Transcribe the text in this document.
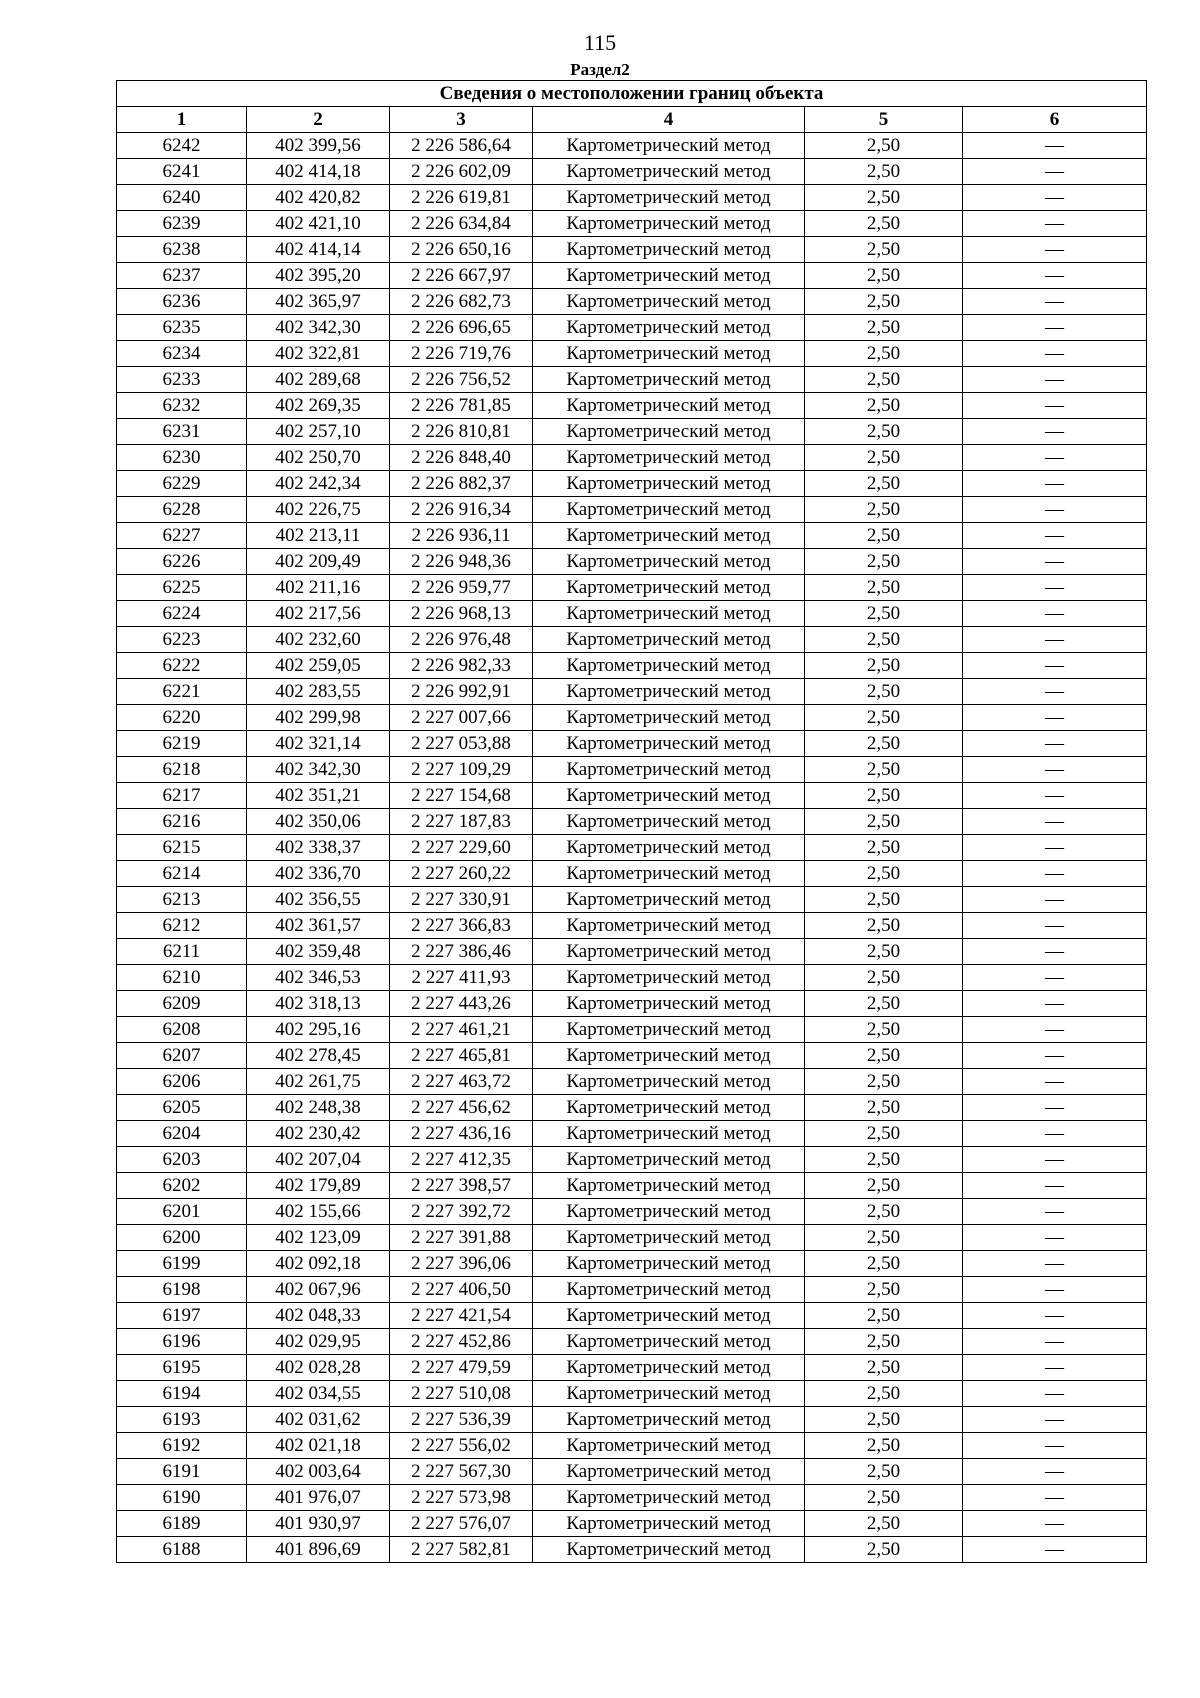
115
Раздел2
Сведения о местоположении границ объекта					
1	2	3	4	5	6
6242	402 399,56	2 226 586,64	Картометрический метод	2,50	—
6241	402 414,18	2 226 602,09	Картометрический метод	2,50	—
6240	402 420,82	2 226 619,81	Картометрический метод	2,50	—
6239	402 421,10	2 226 634,84	Картометрический метод	2,50	—
6238	402 414,14	2 226 650,16	Картометрический метод	2,50	—
6237	402 395,20	2 226 667,97	Картометрический метод	2,50	—
6236	402 365,97	2 226 682,73	Картометрический метод	2,50	—
6235	402 342,30	2 226 696,65	Картометрический метод	2,50	—
6234	402 322,81	2 226 719,76	Картометрический метод	2,50	—
6233	402 289,68	2 226 756,52	Картометрический метод	2,50	—
6232	402 269,35	2 226 781,85	Картометрический метод	2,50	—
6231	402 257,10	2 226 810,81	Картометрический метод	2,50	—
6230	402 250,70	2 226 848,40	Картометрический метод	2,50	—
6229	402 242,34	2 226 882,37	Картометрический метод	2,50	—
6228	402 226,75	2 226 916,34	Картометрический метод	2,50	—
6227	402 213,11	2 226 936,11	Картометрический метод	2,50	—
6226	402 209,49	2 226 948,36	Картометрический метод	2,50	—
6225	402 211,16	2 226 959,77	Картометрический метод	2,50	—
6224	402 217,56	2 226 968,13	Картометрический метод	2,50	—
6223	402 232,60	2 226 976,48	Картометрический метод	2,50	—
6222	402 259,05	2 226 982,33	Картометрический метод	2,50	—
6221	402 283,55	2 226 992,91	Картометрический метод	2,50	—
6220	402 299,98	2 227 007,66	Картометрический метод	2,50	—
6219	402 321,14	2 227 053,88	Картометрический метод	2,50	—
6218	402 342,30	2 227 109,29	Картометрический метод	2,50	—
6217	402 351,21	2 227 154,68	Картометрический метод	2,50	—
6216	402 350,06	2 227 187,83	Картометрический метод	2,50	—
6215	402 338,37	2 227 229,60	Картометрический метод	2,50	—
6214	402 336,70	2 227 260,22	Картометрический метод	2,50	—
6213	402 356,55	2 227 330,91	Картометрический метод	2,50	—
6212	402 361,57	2 227 366,83	Картометрический метод	2,50	—
6211	402 359,48	2 227 386,46	Картометрический метод	2,50	—
6210	402 346,53	2 227 411,93	Картометрический метод	2,50	—
6209	402 318,13	2 227 443,26	Картометрический метод	2,50	—
6208	402 295,16	2 227 461,21	Картометрический метод	2,50	—
6207	402 278,45	2 227 465,81	Картометрический метод	2,50	—
6206	402 261,75	2 227 463,72	Картометрический метод	2,50	—
6205	402 248,38	2 227 456,62	Картометрический метод	2,50	—
6204	402 230,42	2 227 436,16	Картометрический метод	2,50	—
6203	402 207,04	2 227 412,35	Картометрический метод	2,50	—
6202	402 179,89	2 227 398,57	Картометрический метод	2,50	—
6201	402 155,66	2 227 392,72	Картометрический метод	2,50	—
6200	402 123,09	2 227 391,88	Картометрический метод	2,50	—
6199	402 092,18	2 227 396,06	Картометрический метод	2,50	—
6198	402 067,96	2 227 406,50	Картометрический метод	2,50	—
6197	402 048,33	2 227 421,54	Картометрический метод	2,50	—
6196	402 029,95	2 227 452,86	Картометрический метод	2,50	—
6195	402 028,28	2 227 479,59	Картометрический метод	2,50	—
6194	402 034,55	2 227 510,08	Картометрический метод	2,50	—
6193	402 031,62	2 227 536,39	Картометрический метод	2,50	—
6192	402 021,18	2 227 556,02	Картометрический метод	2,50	—
6191	402 003,64	2 227 567,30	Картометрический метод	2,50	—
6190	401 976,07	2 227 573,98	Картометрический метод	2,50	—
6189	401 930,97	2 227 576,07	Картометрический метод	2,50	—
6188	401 896,69	2 227 582,81	Картометрический метод	2,50	—
